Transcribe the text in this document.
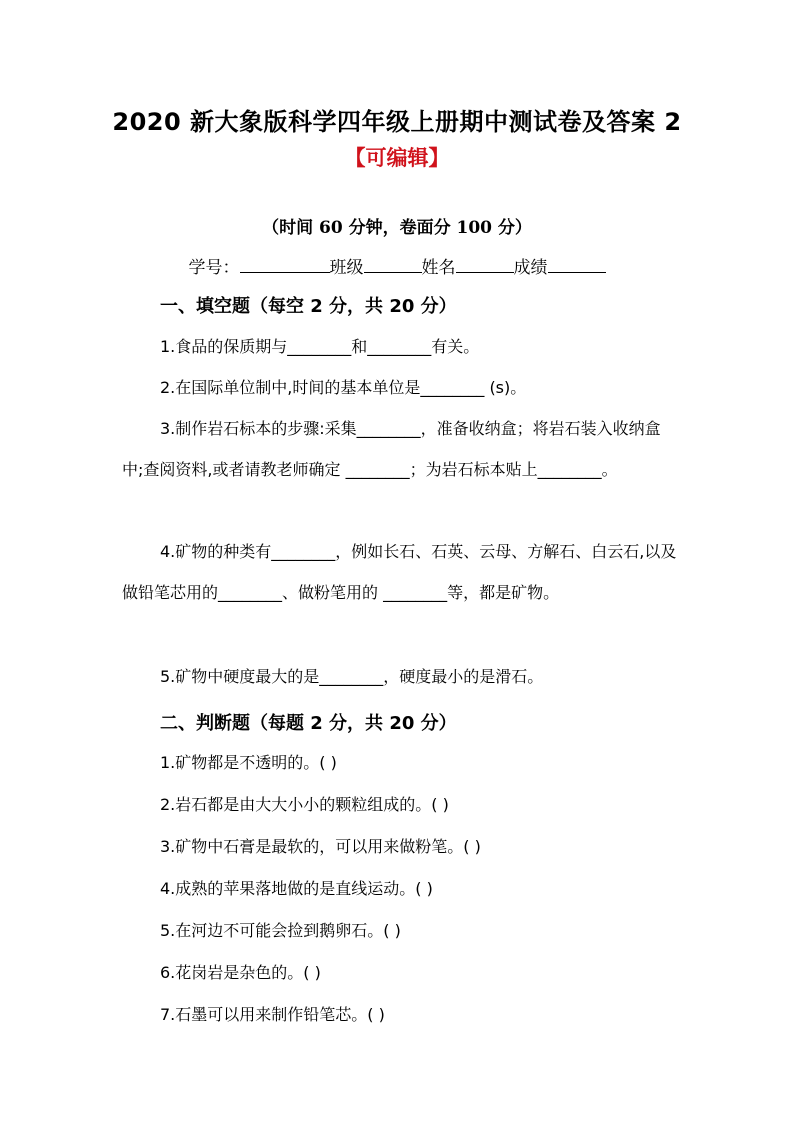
2020 新大象版科学四年级上册期中测试卷及答案 2
【可编辑】
（时间 60 分钟，卷面分 100 分）
学号：	班级	姓名	成绩
一、填空题（每空 2 分，共 20 分）
1.食品的保质期与________和________有关。
2.在国际单位制中,时间的基本单位是________ (s)。
3.制作岩石标本的步骤:采集________，准备收纳盒；将岩石装入收纳盒中;查阅资料,或者请教老师确定 ________；为岩石标本贴上________。
4.矿物的种类有________，例如长石、石英、云母、方解石、白云石,以及做铅笔芯用的________、做粉笔用的 ________等，都是矿物。
5.矿物中硬度最大的是________，硬度最小的是滑石。
二、判断题（每题 2 分，共 20 分）
1.矿物都是不透明的。( )
2.岩石都是由大大小小的颗粒组成的。( )
3.矿物中石膏是最软的，可以用来做粉笔。( )
4.成熟的苹果落地做的是直线运动。( )
5.在河边不可能会捡到鹅卵石。( )
6.花岗岩是杂色的。( )
7.石墨可以用来制作铅笔芯。( )
